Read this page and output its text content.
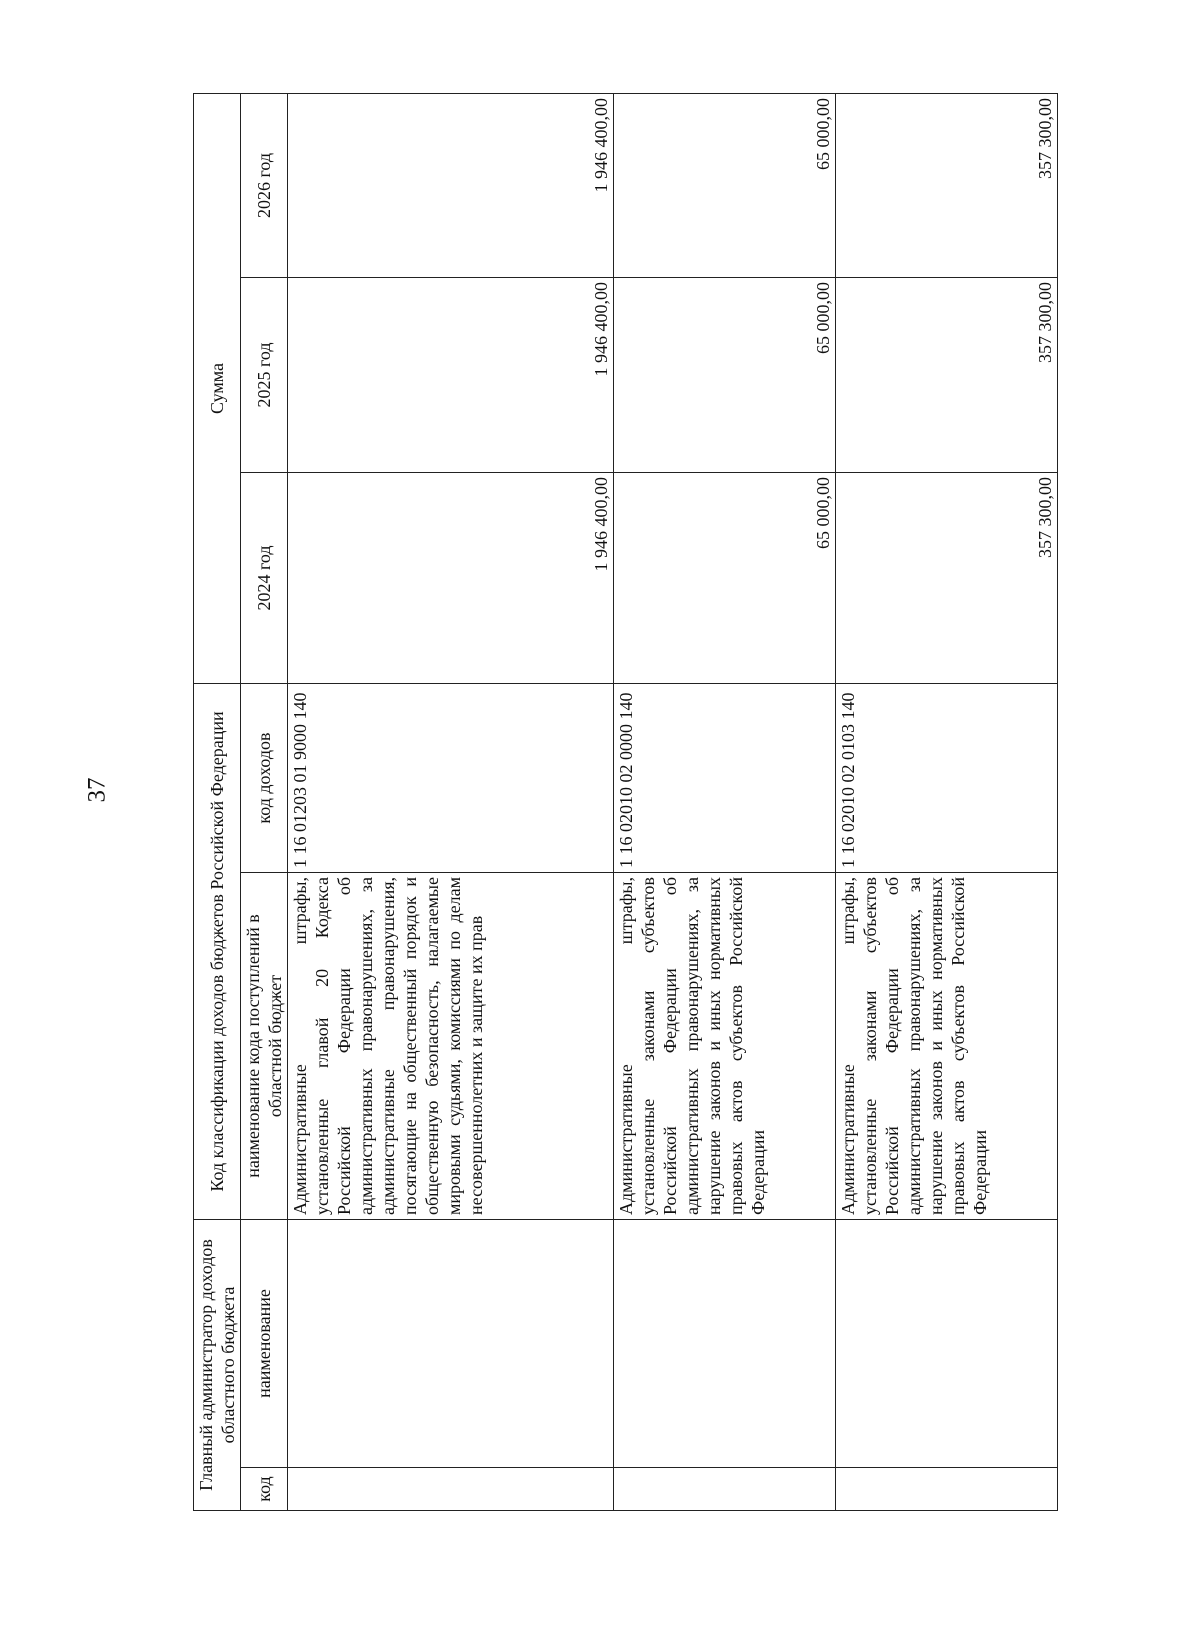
37
Главный администратор доходов областного бюджета		Код классификации доходов бюджетов Российской Федерации		Сумма		
код	наименование	наименование кода поступлений в областной бюджет	код доходов	2024 год	2025 год	2026 год
		Административные штрафы, установленные главой 20 Кодекса Российской Федерации об административных правонарушениях, за административные правонарушения, посягающие на общественный порядок и общественную безопасность, налагаемые мировыми судьями, комиссиями по делам несовершеннолетних и защите их прав	1 16 01203 01 9000 140	1 946 400,00	1 946 400,00	1 946 400,00
		Административные штрафы, установленные законами субъектов Российской Федерации об административных правонарушениях, за нарушение законов и иных нормативных правовых актов субъектов Российской Федерации	1 16 02010 02 0000 140	65 000,00	65 000,00	65 000,00
		Административные штрафы, установленные законами субъектов Российской Федерации об административных правонарушениях, за нарушение законов и иных нормативных правовых актов субъектов Российской Федерации	1 16 02010 02 0103 140	357 300,00	357 300,00	357 300,00
